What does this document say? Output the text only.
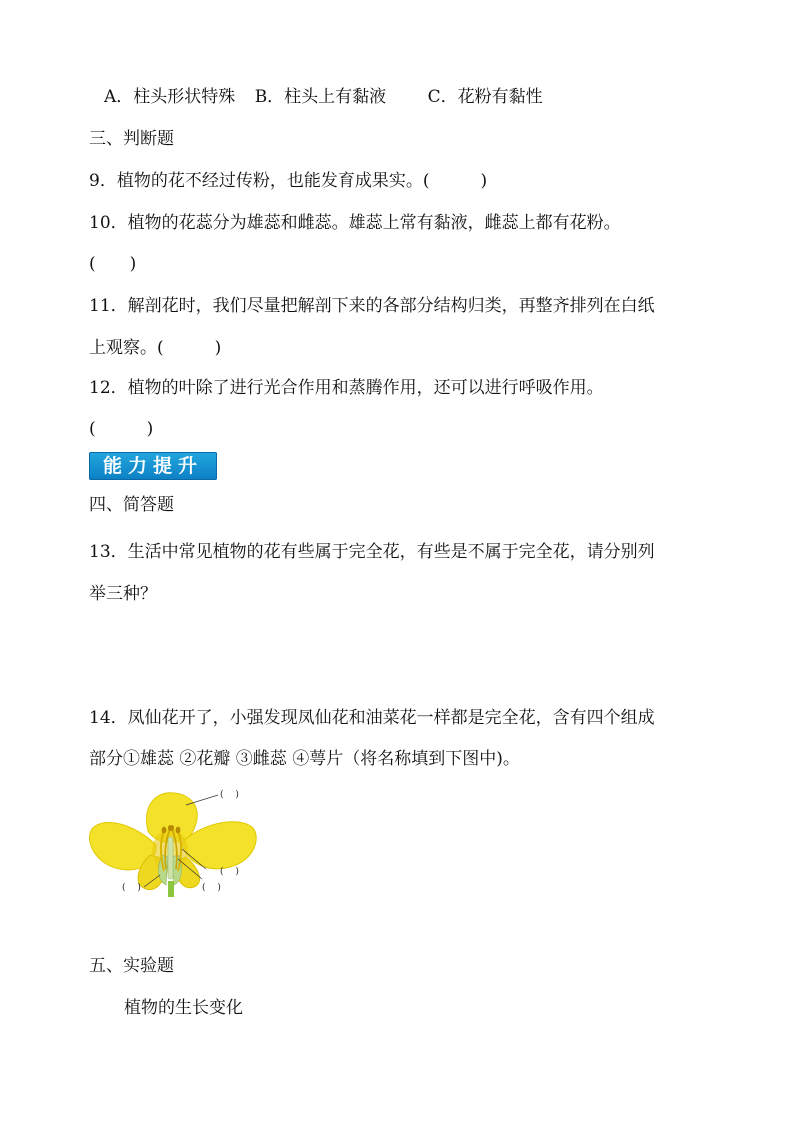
A．柱头形状特殊 B．柱头上有黏液 C．花粉有黏性
三、判断题
9．植物的花不经过传粉，也能发育成果实。(　　　)
10．植物的花蕊分为雄蕊和雌蕊。雄蕊上常有黏液，雌蕊上都有花粉。
(　　)
11．解剖花时，我们尽量把解剖下来的各部分结构归类，再整齐排列在白纸
上观察。(　　　)
12．植物的叶除了进行光合作用和蒸腾作用，还可以进行呼吸作用。
(　　　)
能力提升
四、简答题
13．生活中常见植物的花有些属于完全花，有些是不属于完全花，请分别列
举三种？
14．凤仙花开了，小强发现凤仙花和油菜花一样都是完全花，含有四个组成
部分①雄蕊 ②花瓣 ③雌蕊 ④萼片（将名称填到下图中)。
(　 )
(　 )
(　 )	(　 )
五、实验题
植物的生长变化
